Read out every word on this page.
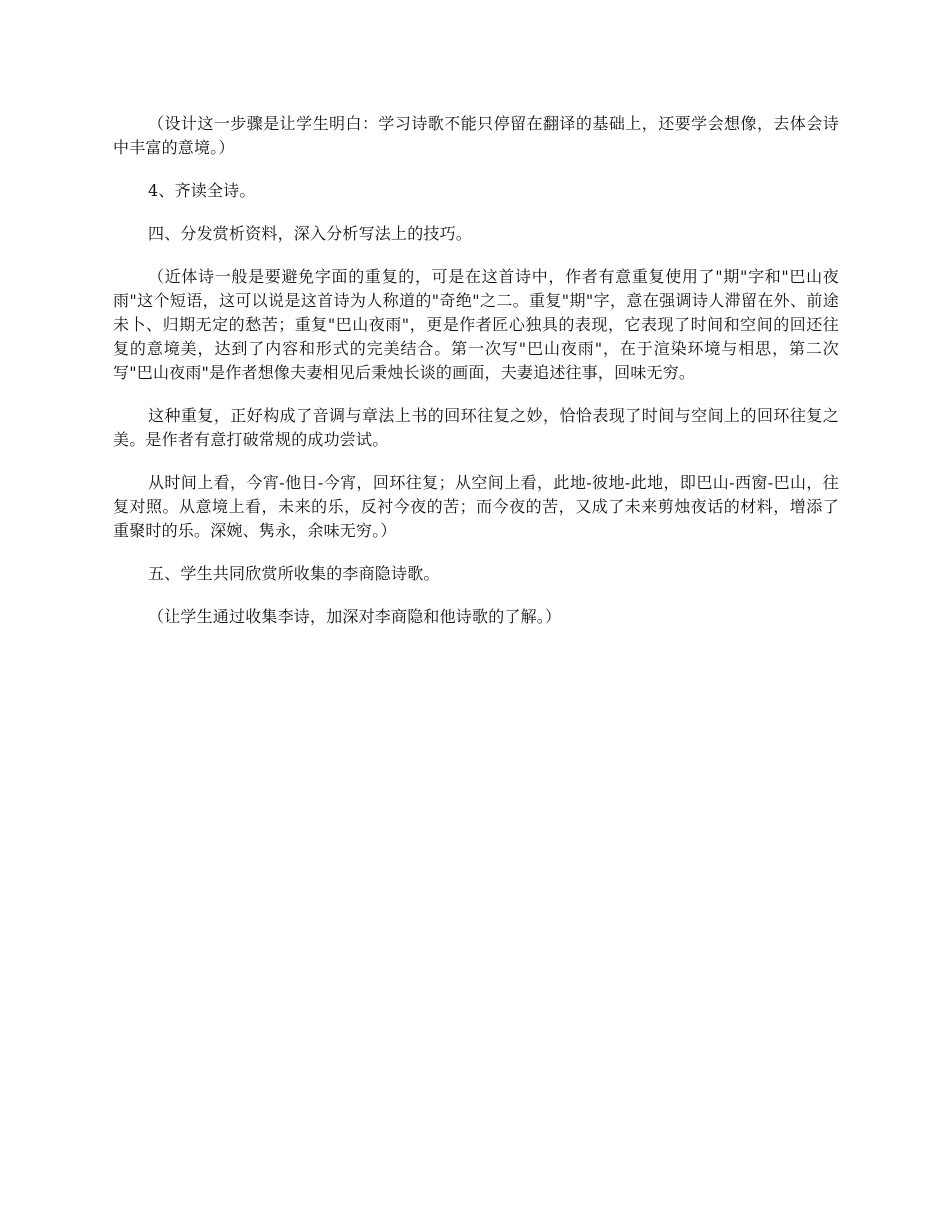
（设计这一步骤是让学生明白：学习诗歌不能只停留在翻译的基础上，还要学会想像，去体会诗中丰富的意境。）

4、齐读全诗。

四、分发赏析资料，深入分析写法上的技巧。

（近体诗一般是要避免字面的重复的，可是在这首诗中，作者有意重复使用了"期"字和"巴山夜雨"这个短语，这可以说是这首诗为人称道的"奇绝"之二。重复"期"字，意在强调诗人滞留在外、前途未卜、归期无定的愁苦；重复"巴山夜雨"，更是作者匠心独具的表现，它表现了时间和空间的回还往复的意境美，达到了内容和形式的完美结合。第一次写"巴山夜雨"，在于渲染环境与相思，第二次写"巴山夜雨"是作者想像夫妻相见后秉烛长谈的画面，夫妻追述往事，回味无穷。

这种重复，正好构成了音调与章法上书的回环往复之妙，恰恰表现了时间与空间上的回环往复之美。是作者有意打破常规的成功尝试。

从时间上看，今宵-他日-今宵，回环往复；从空间上看，此地-彼地-此地，即巴山-西窗-巴山，往复对照。从意境上看，未来的乐，反衬今夜的苦；而今夜的苦，又成了未来剪烛夜话的材料，增添了重聚时的乐。深婉、隽永，余味无穷。）

五、学生共同欣赏所收集的李商隐诗歌。

（让学生通过收集李诗，加深对李商隐和他诗歌的了解。）
